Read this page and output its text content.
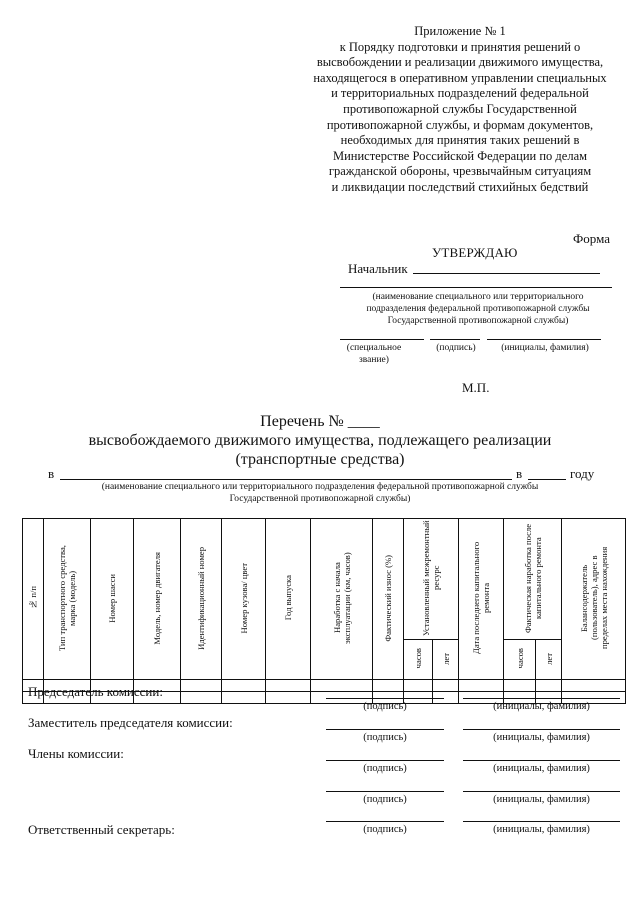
Приложение № 1
к Порядку подготовки и принятия решений о
высвобождении и реализации движимого имущества,
находящегося в оперативном управлении специальных
и территориальных подразделений федеральной
противопожарной службы Государственной
противопожарной службы, и формам документов,
необходимых для принятия таких решений в
Министерстве Российской Федерации по делам
гражданской обороны, чрезвычайным ситуациям
и ликвидации последствий стихийных бедствий
Форма
УТВЕРЖДАЮ
Начальник
(наименование специального или территориального
подразделения федеральной противопожарной службы
Государственной противопожарной службы)
(специальное
звание)
(подпись)	(инициалы, фамилия)
М.П.
Перечень № ____
высвобождаемого движимого имущества, подлежащего реализации
(транспортные средства)
в	в	году
(наименование специального или территориального подразделения федеральной противопожарной службы
Государственной противопожарной службы)
№ п/п	Тип транспортного средства, марка (модель)	Номер шасси	Модель, номер двигателя	Идентификационный номер	Номер кузова/ цвет	Год выпуска	Наработка с начала эксплуатации (км, часов)	Фактический износ (%)	Установленный межремонтный ресурс		Дата последнего капитального ремонта	Фактическая наработка после капитального ремонта		Балансодержатель (пользователь), адрес в пределах места нахождения
									часов	лет		часов	лет	

Председатель комиссии:
(подпись)	(инициалы, фамилия)
Заместитель председателя комиссии:
(подпись)	(инициалы, фамилия)
Члены комиссии:
(подпись)	(инициалы, фамилия)
(подпись)	(инициалы, фамилия)
Ответственный секретарь:	(подпись)	(инициалы, фамилия)
